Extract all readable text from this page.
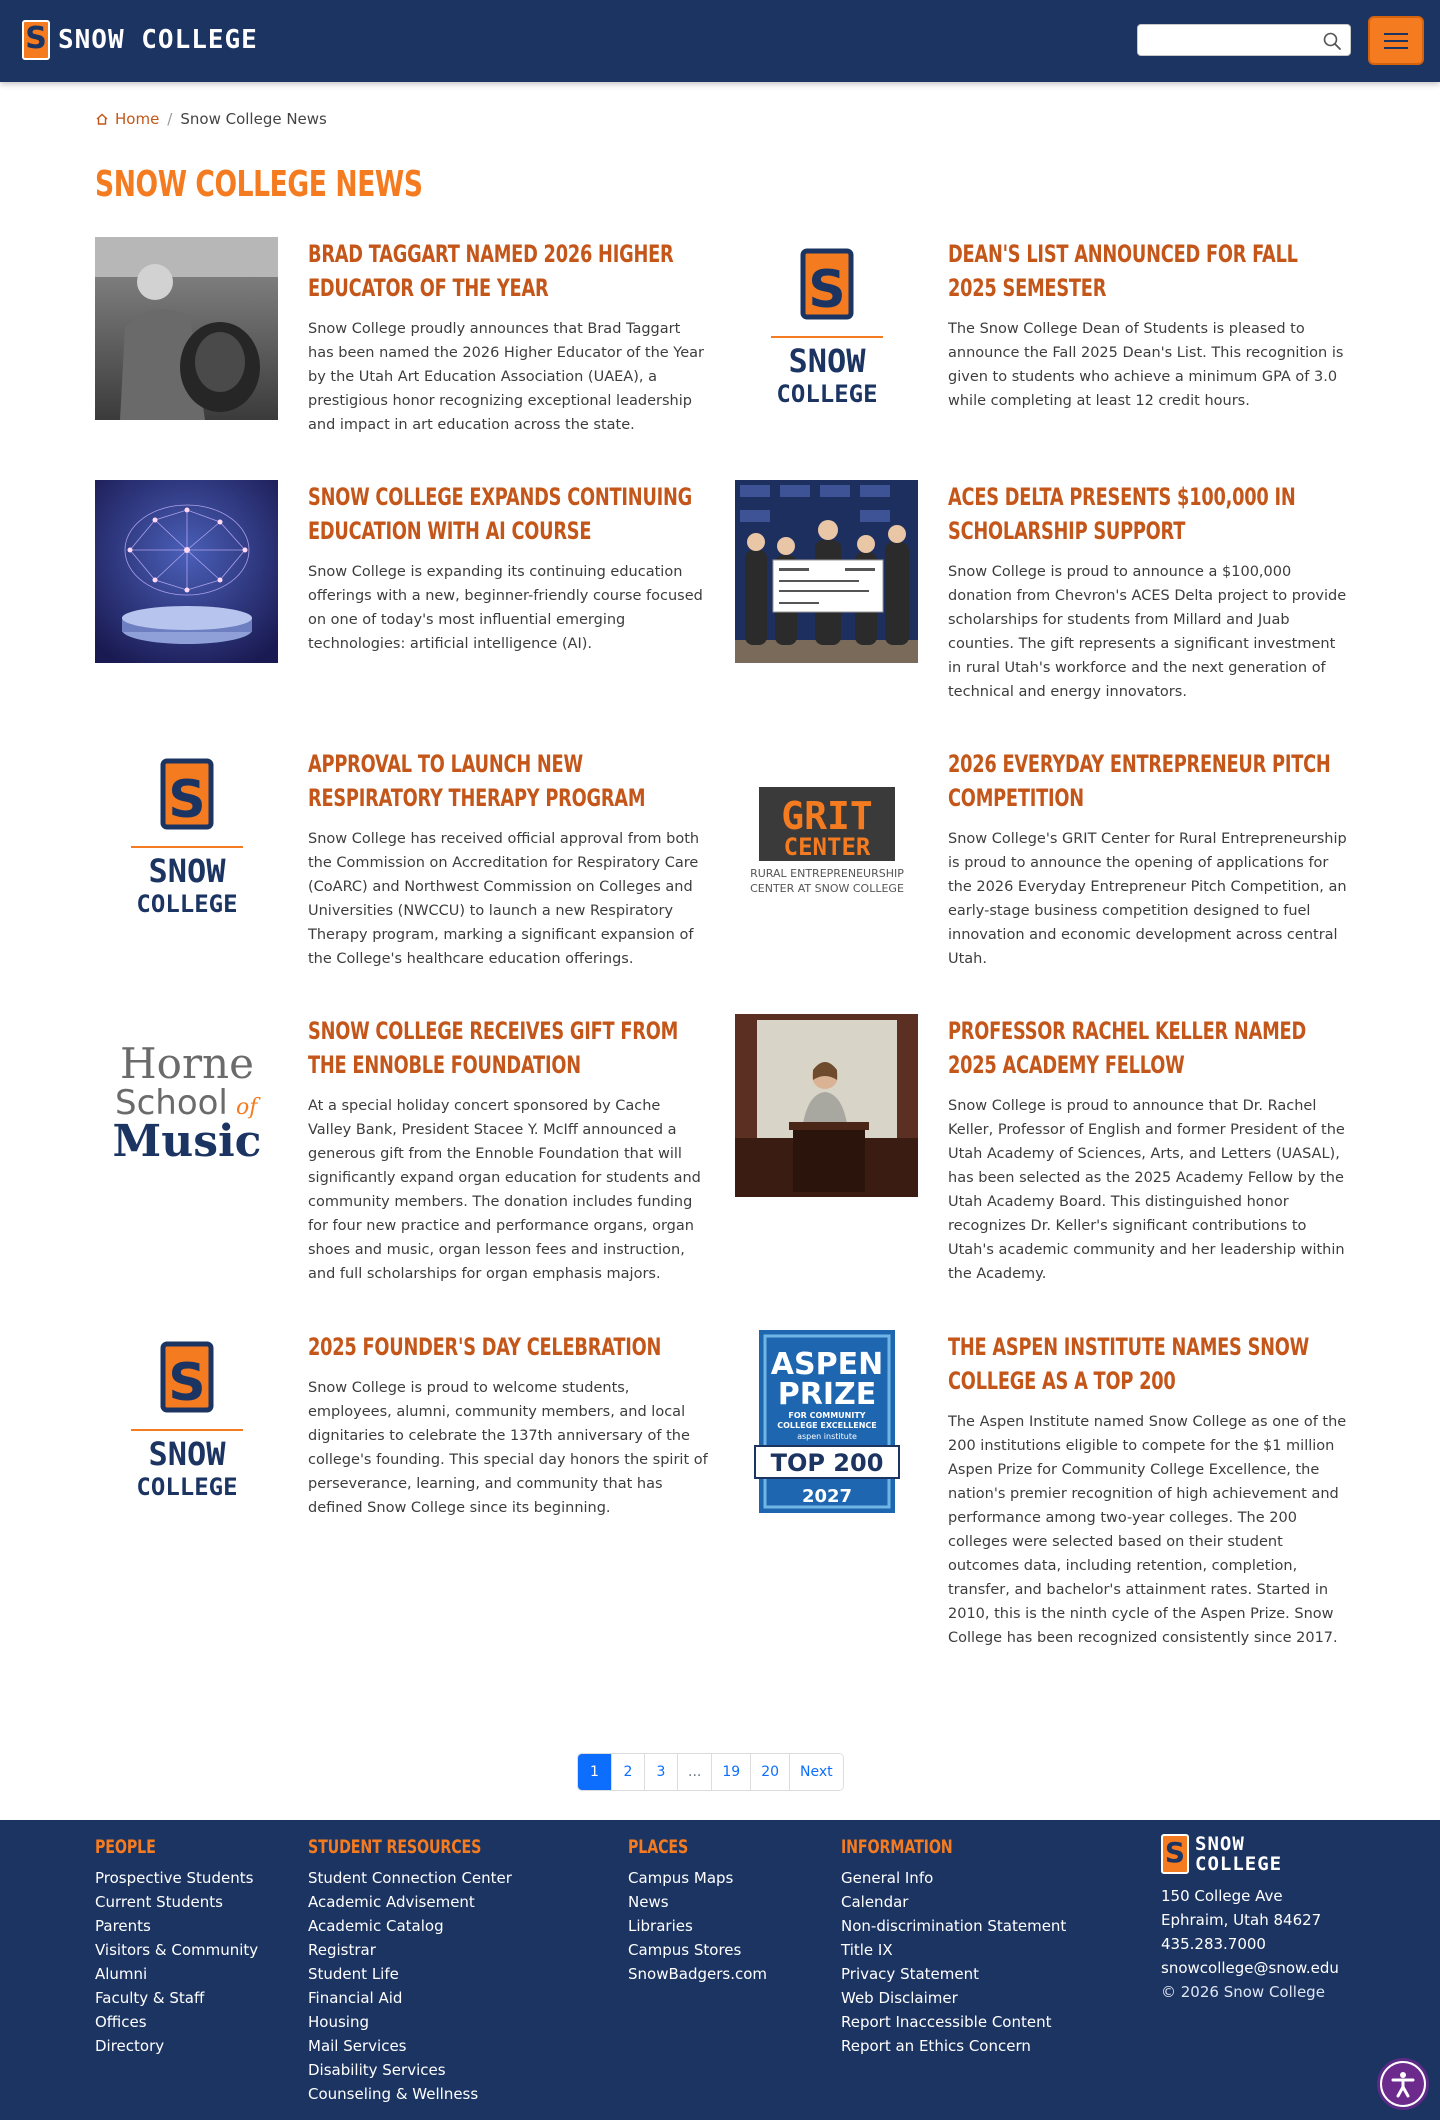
S SNOW COLLEGE
Home / Snow College News
SNOW COLLEGE NEWS
BRAD TAGGART NAMED 2026 HIGHER EDUCATOR OF THE YEAR

Snow College proudly announces that Brad Taggart has been named the 2026 Higher Educator of the Year by the Utah Art Education Association (UAEA), a prestigious honor recognizing exceptional leadership and impact in art education across the state.

S
SNOW
COLLEGE
DEAN'S LIST ANNOUNCED FOR FALL 2025 SEMESTER

The Snow College Dean of Students is pleased to announce the Fall 2025 Dean's List. This recognition is given to students who achieve a minimum GPA of 3.0 while completing at least 12 credit hours.

SNOW COLLEGE EXPANDS CONTINUING EDUCATION WITH AI COURSE

Snow College is expanding its continuing education offerings with a new, beginner-friendly course focused on one of today's most influential emerging technologies: artificial intelligence (AI).

ACES DELTA PRESENTS $100,000 IN SCHOLARSHIP SUPPORT

Snow College is proud to announce a $100,000 donation from Chevron's ACES Delta project to provide scholarships for students from Millard and Juab counties. The gift represents a significant investment in rural Utah's workforce and the next generation of technical and energy innovators.

S
SNOW
COLLEGE
APPROVAL TO LAUNCH NEW RESPIRATORY THERAPY PROGRAM

Snow College has received official approval from both the Commission on Accreditation for Respiratory Care (CoARC) and Northwest Commission on Colleges and Universities (NWCCU) to launch a new Respiratory Therapy program, marking a significant expansion of the College's healthcare education offerings.

GRIT
CENTER
RURAL ENTREPRENEURSHIP
CENTER AT SNOW COLLEGE
2026 EVERYDAY ENTREPRENEUR PITCH COMPETITION

Snow College's GRIT Center for Rural Entrepreneurship is proud to announce the opening of applications for the 2026 Everyday Entrepreneur Pitch Competition, an early-stage business competition designed to fuel innovation and economic development across central Utah.

Horne
School of
Music
SNOW COLLEGE RECEIVES GIFT FROM THE ENNOBLE FOUNDATION

At a special holiday concert sponsored by Cache Valley Bank, President Stacee Y. McIff announced a generous gift from the Ennoble Foundation that will significantly expand organ education for students and community members. The donation includes funding for four new practice and performance organs, organ shoes and music, organ lesson fees and instruction, and full scholarships for organ emphasis majors.

PROFESSOR RACHEL KELLER NAMED 2025 ACADEMY FELLOW

Snow College is proud to announce that Dr. Rachel Keller, Professor of English and former President of the Utah Academy of Sciences, Arts, and Letters (UASAL), has been selected as the 2025 Academy Fellow by the Utah Academy Board. This distinguished honor recognizes Dr. Keller's significant contributions to Utah's academic community and her leadership within the Academy.

S
SNOW
COLLEGE
2025 FOUNDER'S DAY CELEBRATION

Snow College is proud to welcome students, employees, alumni, community members, and local dignitaries to celebrate the 137th anniversary of the college's founding. This special day honors the spirit of perseverance, learning, and community that has defined Snow College since its beginning.

ASPEN
PRIZE
FOR COMMUNITY
COLLEGE EXCELLENCE
aspen institute
TOP 200
2027
THE ASPEN INSTITUTE NAMES SNOW COLLEGE AS A TOP 200

The Aspen Institute named Snow College as one of the 200 institutions eligible to compete for the $1 million Aspen Prize for Community College Excellence, the nation's premier recognition of high achievement and performance among two-year colleges. The 200 colleges were selected based on their student outcomes data, including retention, completion, transfer, and bachelor's attainment rates. Started in 2010, this is the ninth cycle of the Aspen Prize. Snow College has been recognized consistently since 2017.

1	2	3	...	19	20	Next
PEOPLE
Prospective Students
Current Students
Parents
Visitors & Community
Alumni
Faculty & Staff
Offices
Directory
STUDENT RESOURCES
Student Connection Center
Academic Advisement
Academic Catalog
Registrar
Student Life
Financial Aid
Housing
Mail Services
Disability Services
Counseling & Wellness
PLACES
Campus Maps
News
Libraries
Campus Stores
SnowBadgers.com
INFORMATION
General Info
Calendar
Non-discrimination Statement
Title IX
Privacy Statement
Web Disclaimer
Report Inaccessible Content
Report an Ethics Concern
S SNOW
COLLEGE
150 College Ave
Ephraim, Utah 84627
435.283.7000
snowcollege@snow.edu
© 2026 Snow College
